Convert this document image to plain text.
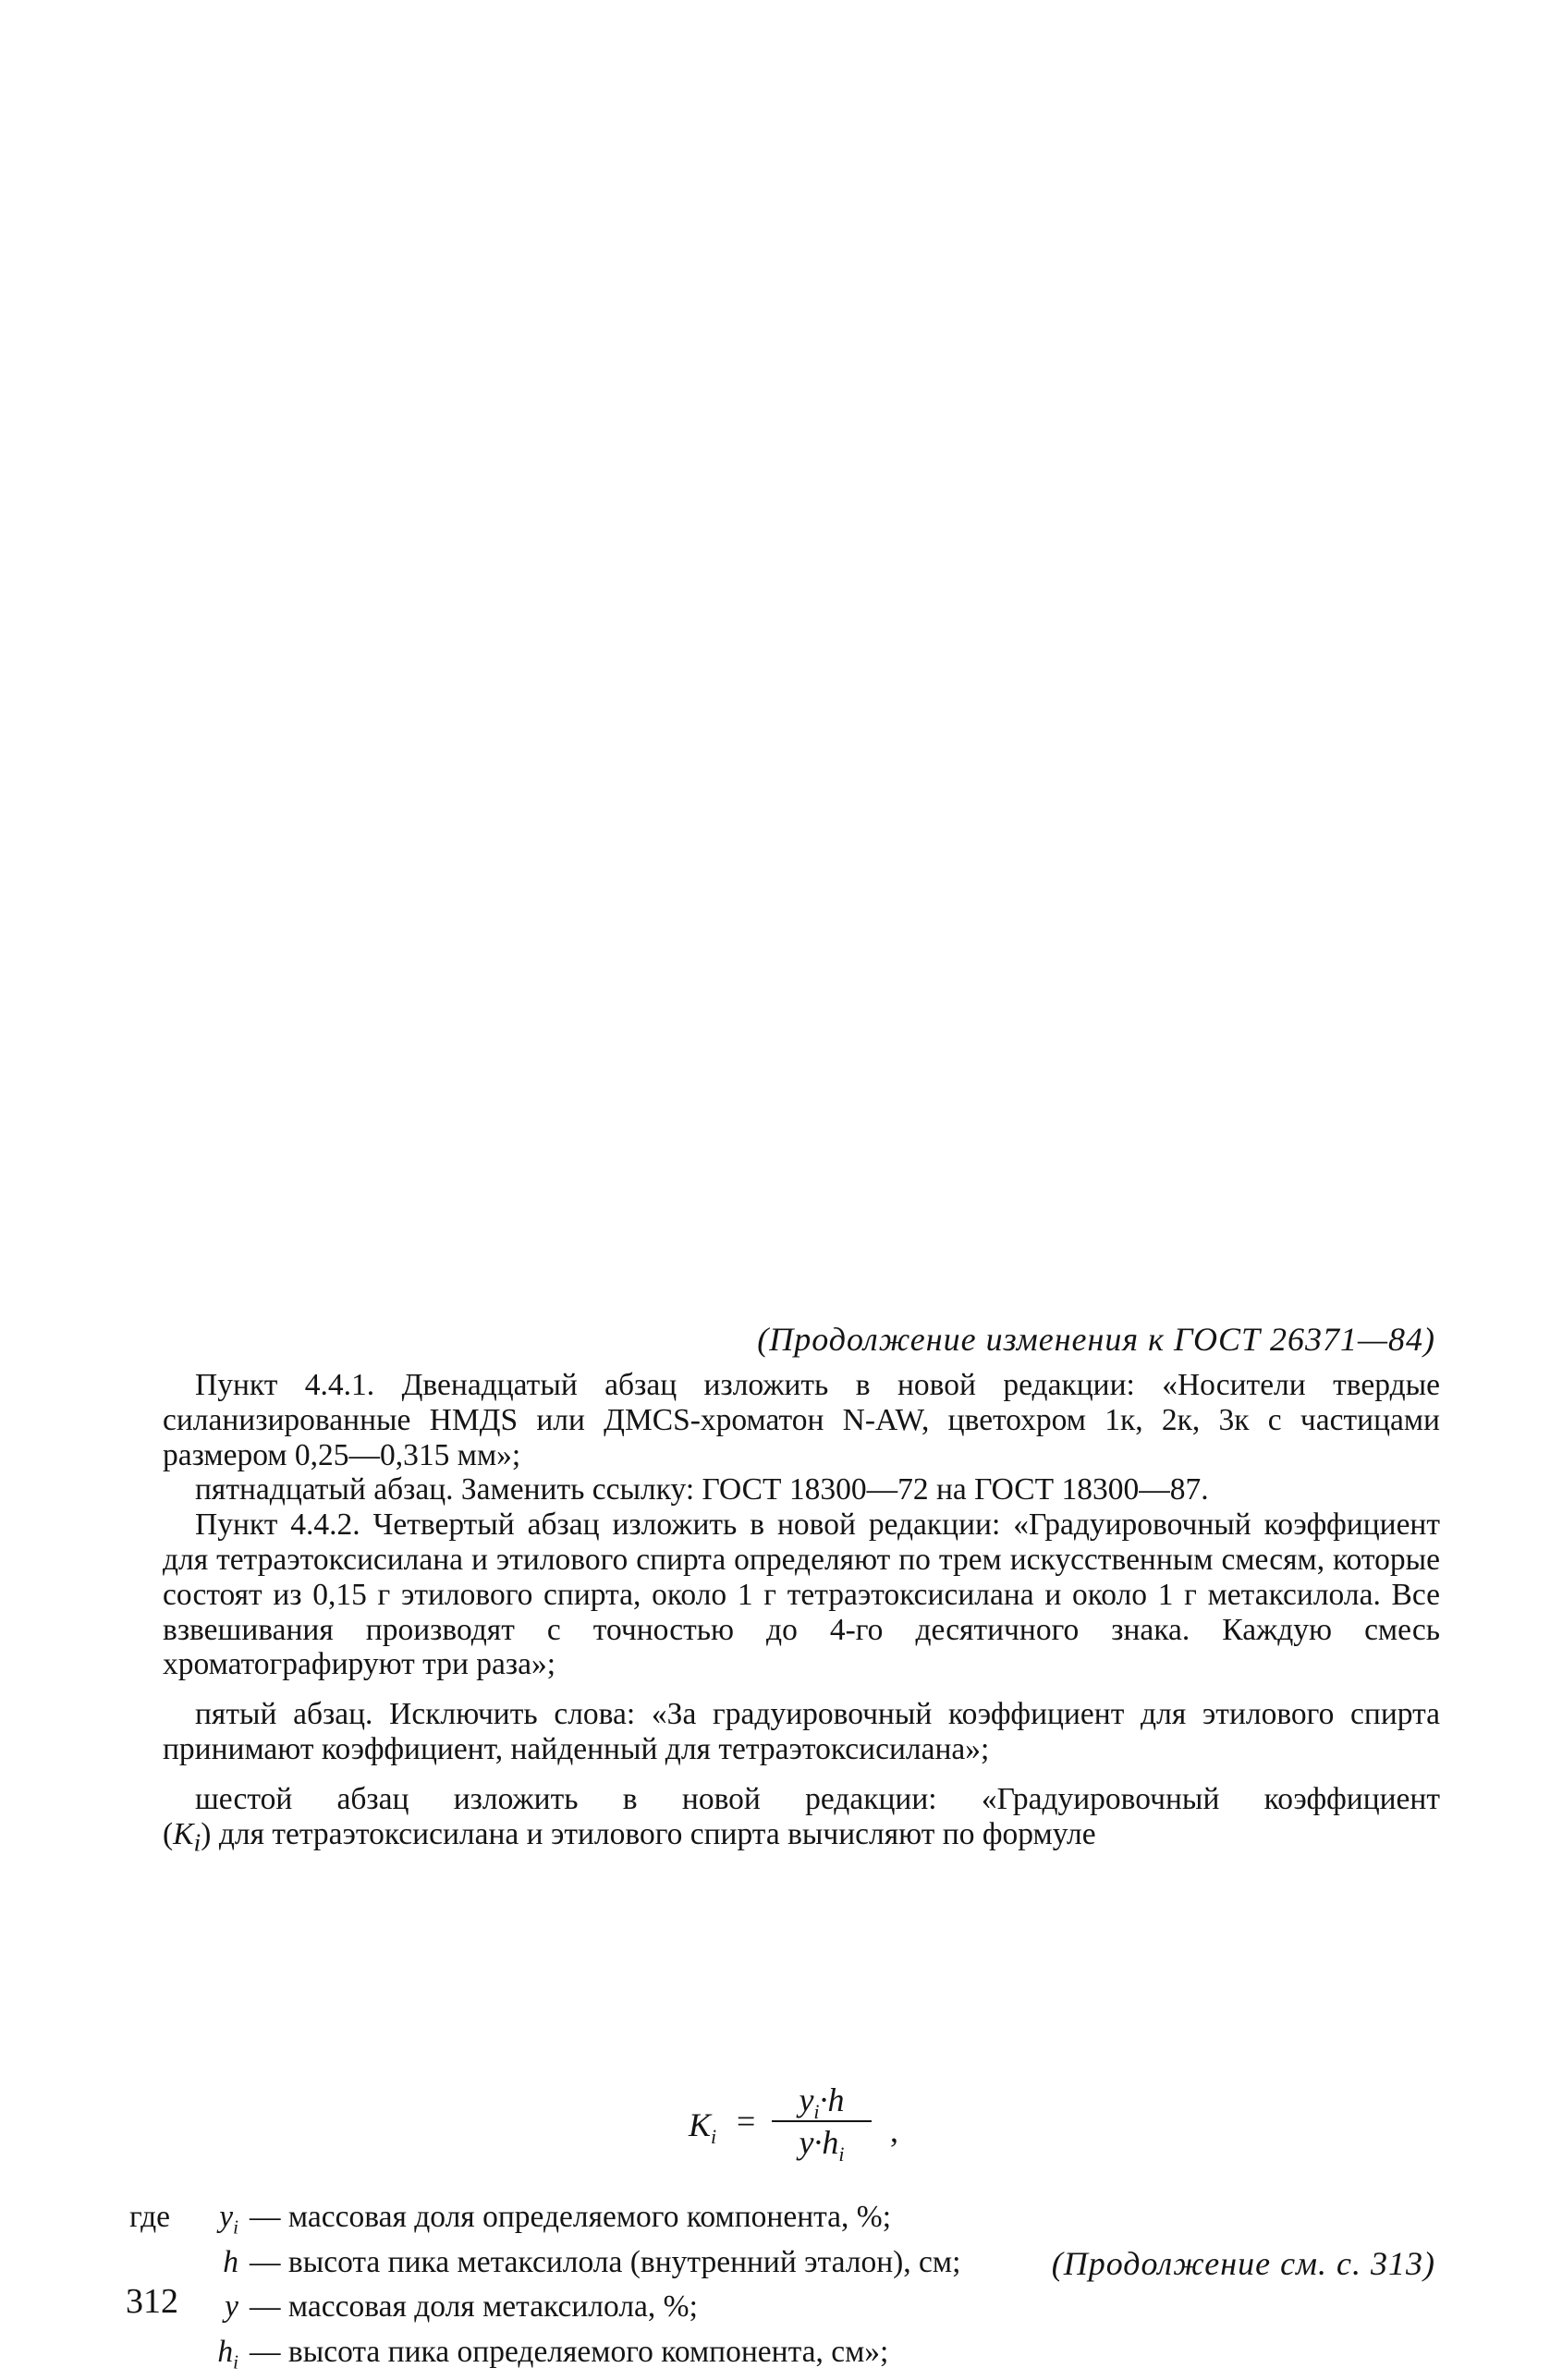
(Продолжение изменения к ГОСТ 26371—84)

Пункт 4.4.1. Двенадцатый абзац изложить в новой редакции: «Носители твердые силанизированные НМДS или ДМCS-хроматон N-AW, цветохром 1к, 2к, 3к с частицами размером 0,25—0,315 мм»;

пятнадцатый абзац. Заменить ссылку: ГОСТ 18300—72 на ГОСТ 18300—87.

Пункт 4.4.2. Четвертый абзац изложить в новой редакции: «Градуировочный коэффициент для тетраэтоксисилана и этилового спирта определяют по трем искусственным смесям, которые состоят из 0,15 г этилового спирта, около 1 г тетраэтоксисилана и около 1 г метаксилола. Все взвешивания производят с точностью до 4-го десятичного знака. Каждую смесь хроматографируют три раза»;

пятый абзац. Исключить слова: «За градуировочный коэффициент для этилового спирта принимают коэффициент, найденный для тетраэтоксисилана»;

шестой абзац изложить в новой редакции: «Градуировочный коэффициент

$(K_i)$ для тетраэтоксисилана и этилового спирта вычисляют по формуле

$K_i$ =
$y_i\cdot h$
$y\cdot h_i$
,
где	$y_i$ — массовая доля определяемого компонента, %;
h — высота пика метаксилола (внутренний эталон), см;
y — массовая доля метаксилола, %;
$h_i$ — высота пика определяемого компонента, см»;
(Продолжение см. с. 313)
312
